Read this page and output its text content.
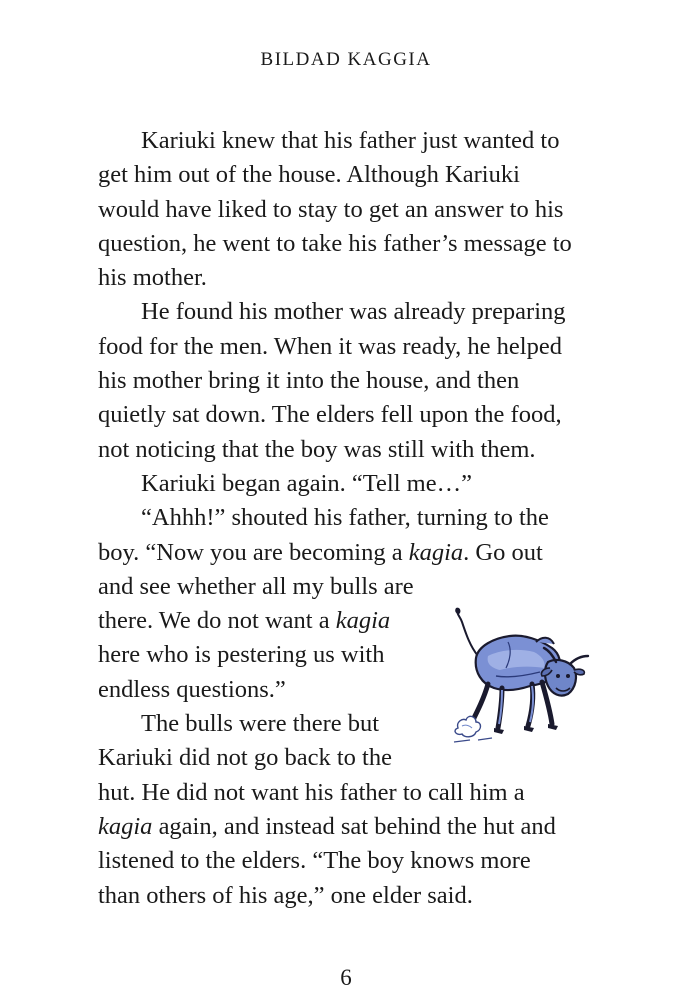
BILDAD KAGGIA
Kariuki knew that his father just wanted to
get him out of the house. Although Kariuki
would have liked to stay to get an answer to his
question, he went to take his father’s message to
his mother.
He found his mother was already preparing
food for the men. When it was ready, he helped
his mother bring it into the house, and then
quietly sat down. The elders fell upon the food,
not noticing that the boy was still with them.
Kariuki began again. “Tell me…”
“Ahhh!” shouted his father, turning to the
boy. “Now you are becoming a kagia. Go out
and see whether all my bulls are
there. We do not want a kagia
here who is pestering us with
endless questions.”
The bulls were there but
Kariuki did not go back to the
hut. He did not want his father to call him a
kagia again, and instead sat behind the hut and
listened to the elders. “The boy knows more
than others of his age,” one elder said.
6
